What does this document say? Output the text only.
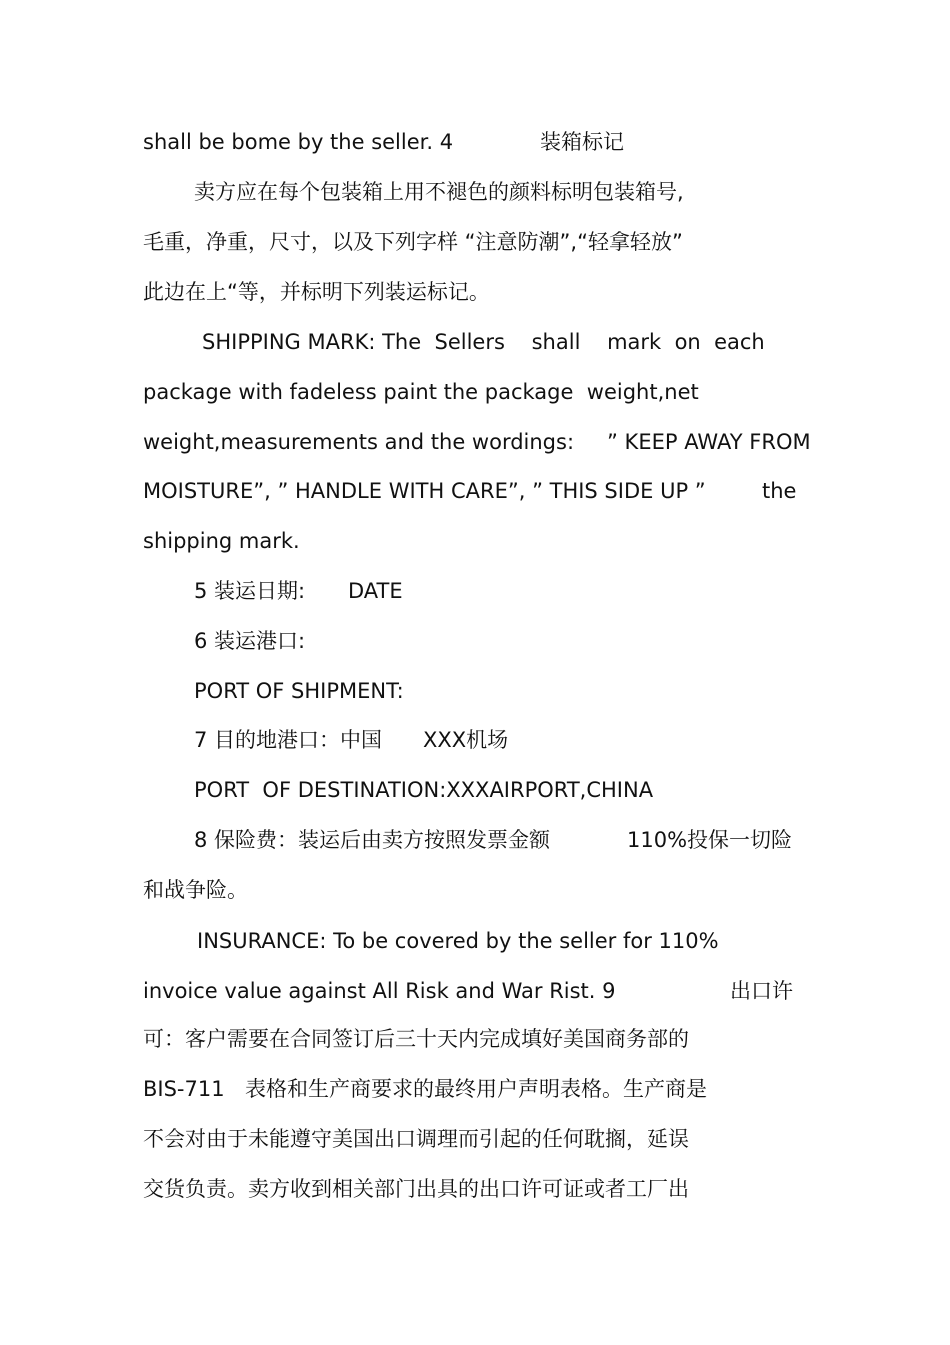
shall be bome by the seller. 4	装箱标记
卖方应在每个包装箱上用不褪色的颜料标明包装箱号,
毛重，净重，尺寸，以及下列字样 “注意防潮”,“轻拿轻放”
此边在上“等，并标明下列装运标记。
SHIPPING MARK: The  Sellers    shall    mark  on  each
package with fadeless paint the package  weight,net
weight,measurements and the wordings: ” KEEP AWAY FROM
MOISTURE”, ” HANDLE WITH CARE”, ” THIS SIDE UP ”	the
shipping mark.
5 装运日期: DATE
6 装运港口:
PORT OF SHIPMENT:
7 目的地港口：中国 XXX机场
PORT  OF DESTINATION:XXXAIRPORT,CHINA
8 保险费：装运后由卖方按照发票金额	110%投保一切险
和战争险。
INSURANCE: To be covered by the seller for 110%
invoice value against All Risk and War Rist. 9	出口许
可：客户需要在合同签订后三十天内完成填好美国商务部的
BIS-711 表格和生产商要求的最终用户声明表格。生产商是
不会对由于未能遵守美国出口调理而引起的任何耽搁，延误
交货负责。卖方收到相关部门出具的出口许可证或者工厂出
